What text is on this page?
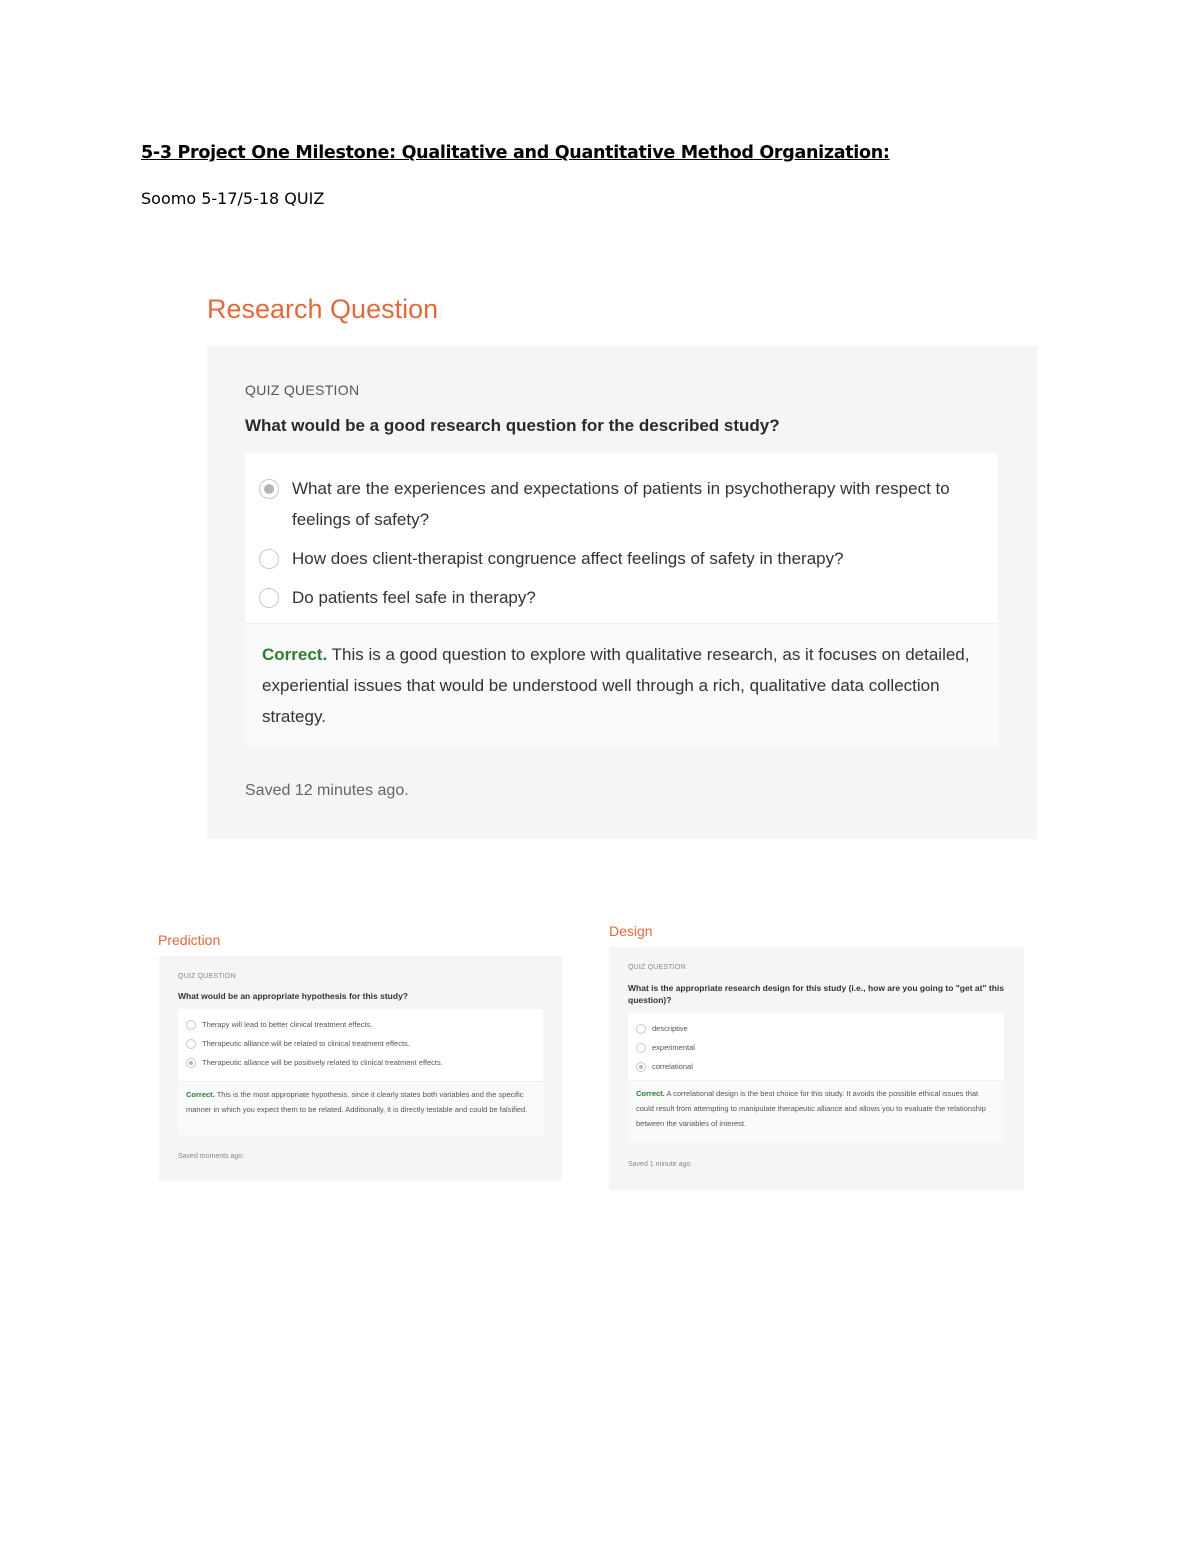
5-3 Project One Milestone: Qualitative and Quantitative Method Organization:
Soomo 5-17/5-18 QUIZ
Research Question
QUIZ QUESTION
What would be a good research question for the described study?
What are the experiences and expectations of patients in psychotherapy with respect to feelings of safety?
How does client-therapist congruence affect feelings of safety in therapy?
Do patients feel safe in therapy?
Correct. This is a good question to explore with qualitative research, as it focuses on detailed, experiential issues that would be understood well through a rich, qualitative data collection strategy.
Saved 12 minutes ago.
Prediction
QUIZ QUESTION
What would be an appropriate hypothesis for this study?
Therapy will lead to better clinical treatment effects.
Therapeutic alliance will be related to clinical treatment effects.
Therapeutic alliance will be positively related to clinical treatment effects.
Correct. This is the most appropriate hypothesis, since it clearly states both variables and the specific manner in which you expect them to be related. Additionally, it is directly testable and could be falsified.
Saved moments ago.
Design
QUIZ QUESTION
What is the appropriate research design for this study (i.e., how are you going to "get at" this question)?
descriptive
experimental
correlational
Correct. A correlational design is the best choice for this study. It avoids the possible ethical issues that could result from attempting to manipulate therapeutic alliance and allows you to evaluate the relationship between the variables of interest.
Saved 1 minute ago.
